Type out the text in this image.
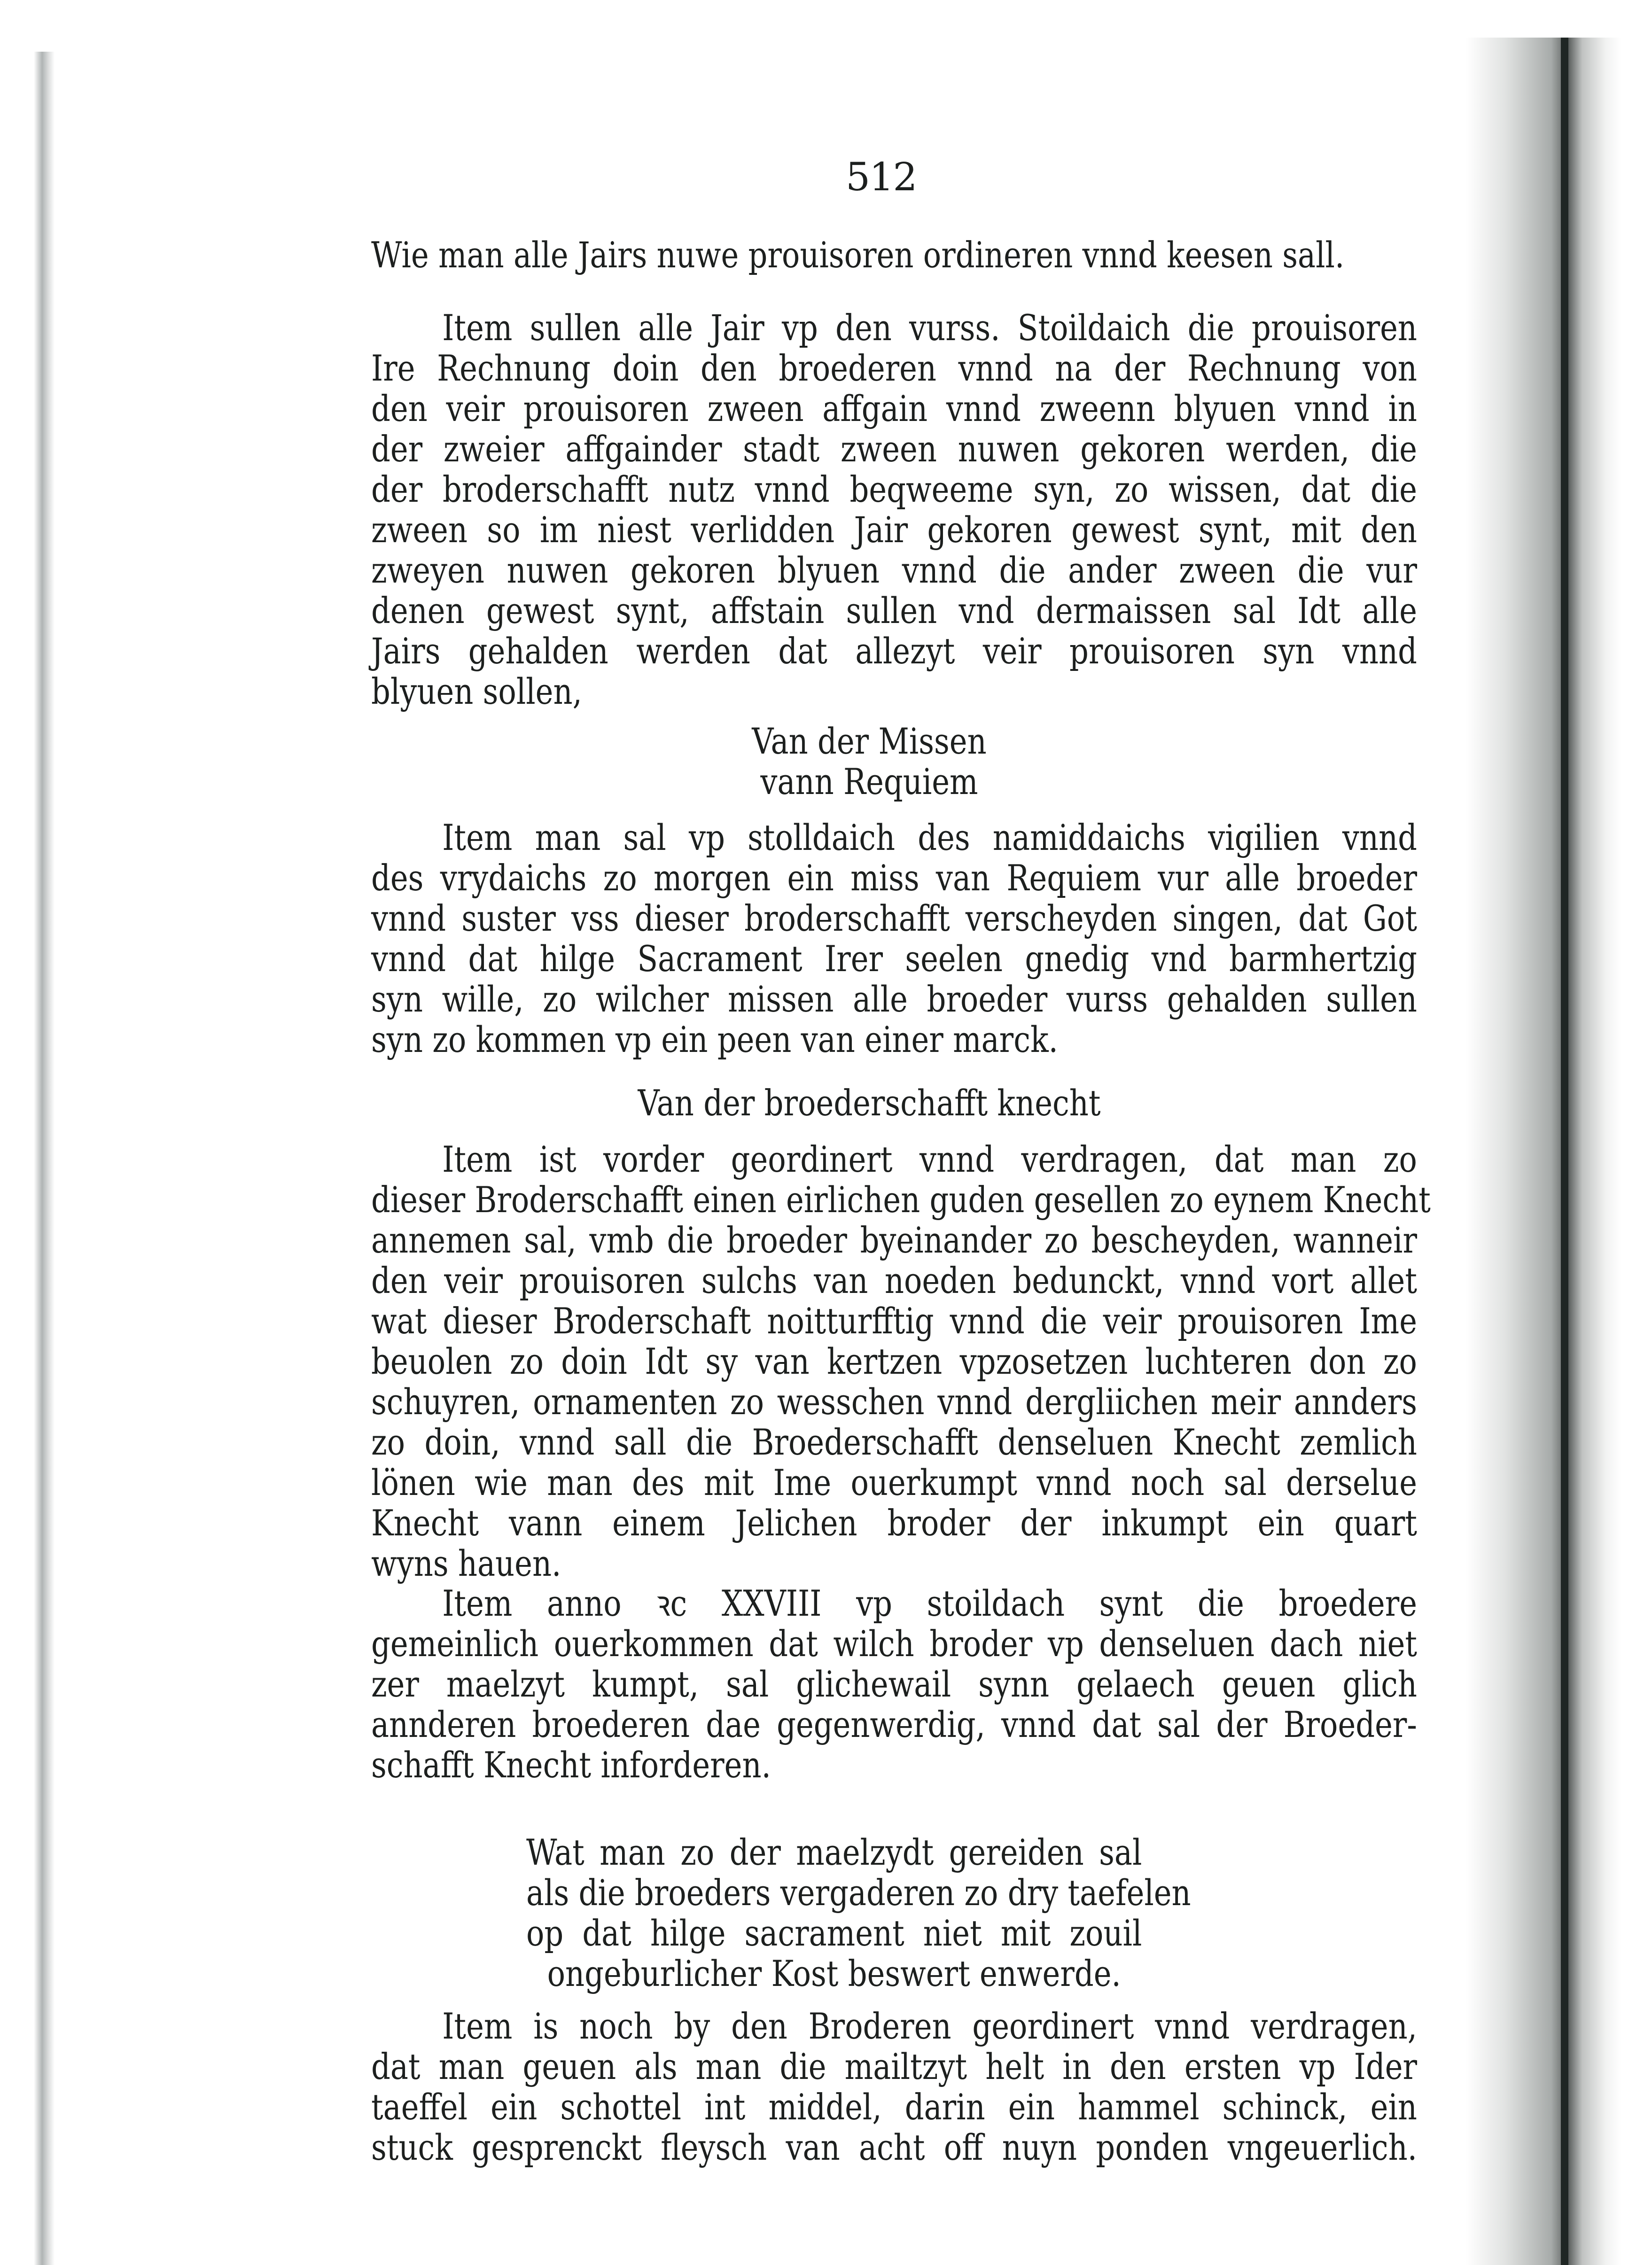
512
Wie man alle Jairs nuwe prouisoren ordineren vnnd keesen sall.
Item sullen alle Jair vp den vurss. Stoildaich die prouisoren
Ire Rechnung doin den broederen vnnd na der Rechnung von
den veir prouisoren zween affgain vnnd zweenn blyuen vnnd in
der zweier affgainder stadt zween nuwen gekoren werden, die
der broderschafft nutz vnnd beqweeme syn, zo wissen, dat die
zween so im niest verlidden Jair gekoren gewest synt, mit den
zweyen nuwen gekoren blyuen vnnd die ander zween die vur
denen gewest synt, affstain sullen vnd dermaissen sal Idt alle
Jairs gehalden werden dat allezyt veir prouisoren syn vnnd
blyuen sollen,
Van der Missen
vann Requiem
Item man sal vp stolldaich des namiddaichs vigilien vnnd
des vrydaichs zo morgen ein miss van Requiem vur alle broeder
vnnd suster vss dieser broderschafft verscheyden singen, dat Got
vnnd dat hilge Sacrament Irer seelen gnedig vnd barmhertzig
syn wille, zo wilcher missen alle broeder vurss gehalden sullen
syn zo kommen vp ein peen van einer marck.
Van der broederschafft knecht
Item ist vorder geordinert vnnd verdragen, dat man zo
dieser Broderschafft einen eirlichen guden gesellen zo eynem Knecht
annemen sal, vmb die broeder byeinander zo bescheyden, wanneir
den veir prouisoren sulchs van noeden bedunckt, vnnd vort allet
wat dieser Broderschaft noitturfftig vnnd die veir prouisoren Ime
beuolen zo doin Idt sy van kertzen vpzosetzen luchteren don zo
schuyren, ornamenten zo wesschen vnnd dergliichen meir annders
zo doin, vnnd sall die Broederschafft denseluen Knecht zemlich
lönen wie man des mit Ime ouerkumpt vnnd noch sal derselue
Knecht vann einem Jelichen broder der inkumpt ein quart
wyns hauen.
Item anno ꝛc XXVIII vp stoildach synt die broedere
gemeinlich ouerkommen dat wilch broder vp denseluen dach niet
zer maelzyt kumpt, sal glichewail synn gelaech geuen glich
annderen broederen dae gegenwerdig, vnnd dat sal der Broeder-
schafft Knecht inforderen.
Wat man zo der maelzydt gereiden sal
als die broeders vergaderen zo dry taefelen
op dat hilge sacrament niet mit zouil
ongeburlicher Kost beswert enwerde.
Item is noch by den Broderen geordinert vnnd verdragen,
dat man geuen als man die mailtzyt helt in den ersten vp Ider
taeffel ein schottel int middel, darin ein hammel schinck, ein
stuck gesprenckt fleysch van acht off nuyn ponden vngeuerlich.
